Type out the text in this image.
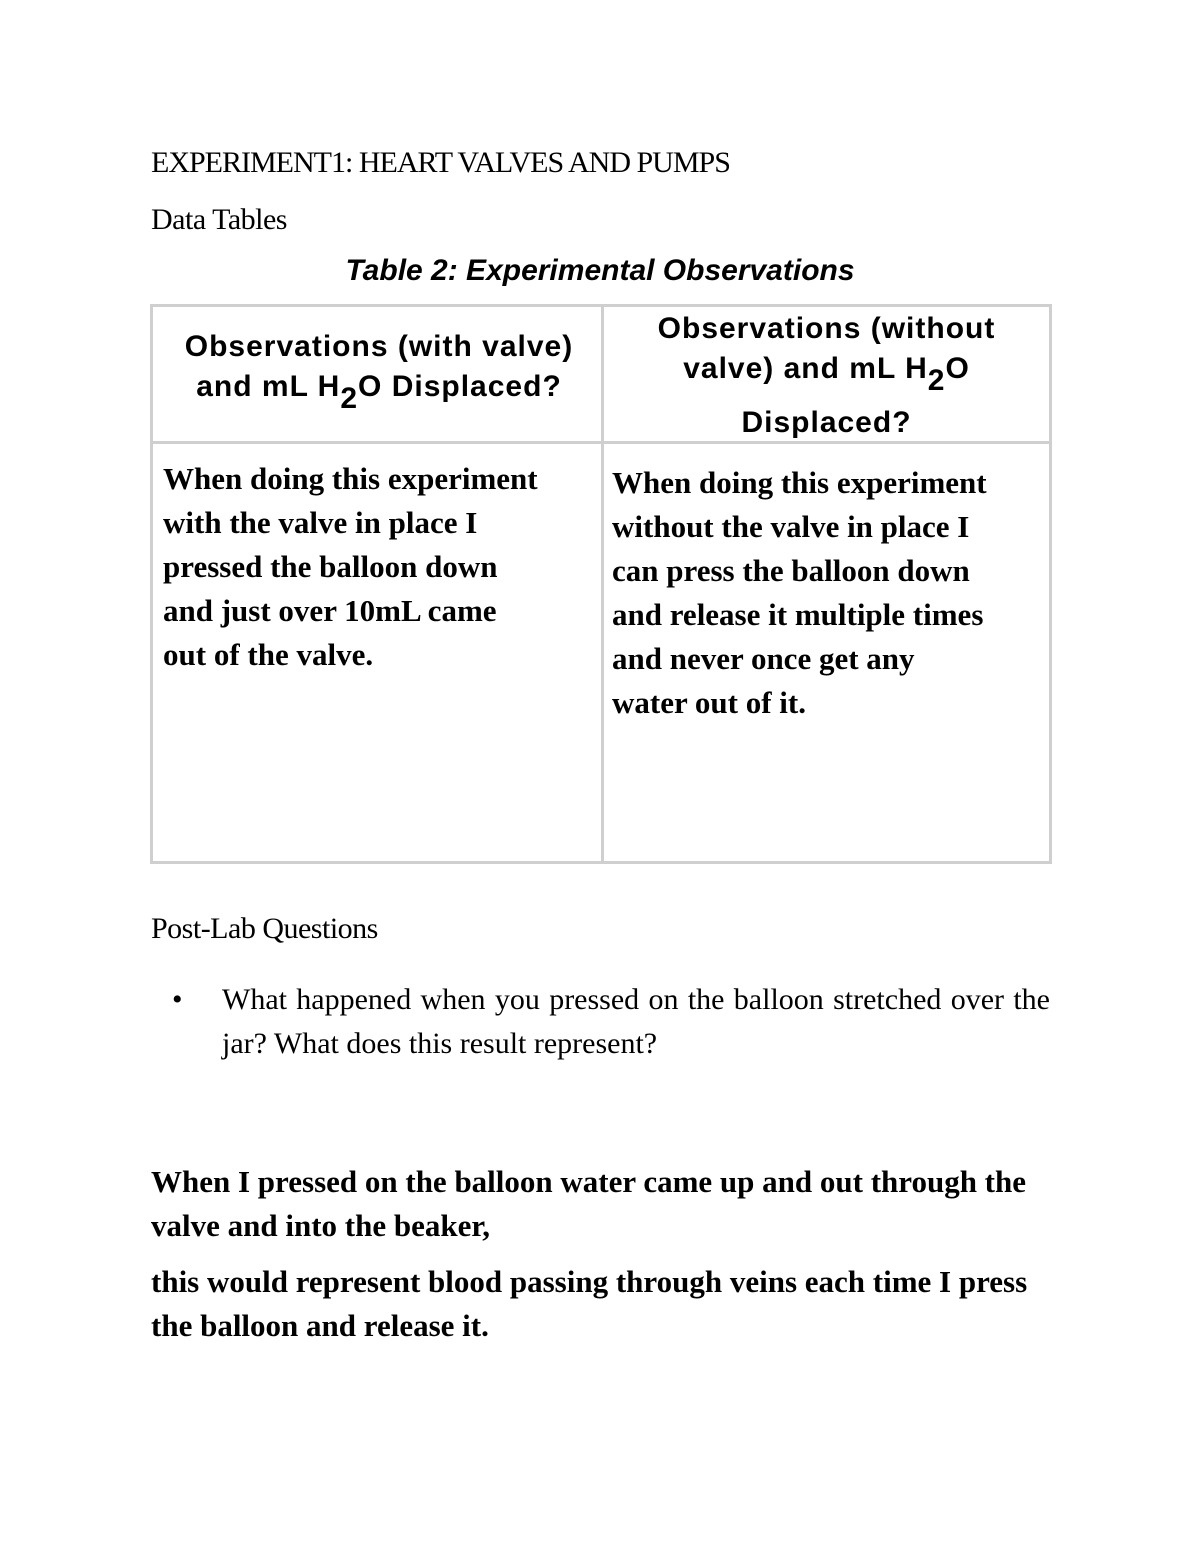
EXPERIMENT1: HEART VALVES AND PUMPS
Data Tables
Table 2: Experimental Observations
Observations (with valve)
and mL $H_2O$ Displaced?
Observations (without
valve) and mL $H_2O$
Displaced?
When doing this experiment
with the valve in place I
pressed the balloon down
and just over 10mL came
out of the valve.
When doing this experiment
without the valve in place I
can press the balloon down
and release it multiple times
and never once get any
water out of it.
Post-Lab Questions
• What happened when you pressed on the balloon stretched over the jar? What does this result represent?
When I pressed on the balloon water came up and out through the valve and into the beaker,
this would represent blood passing through veins each time I press the balloon and release it.
